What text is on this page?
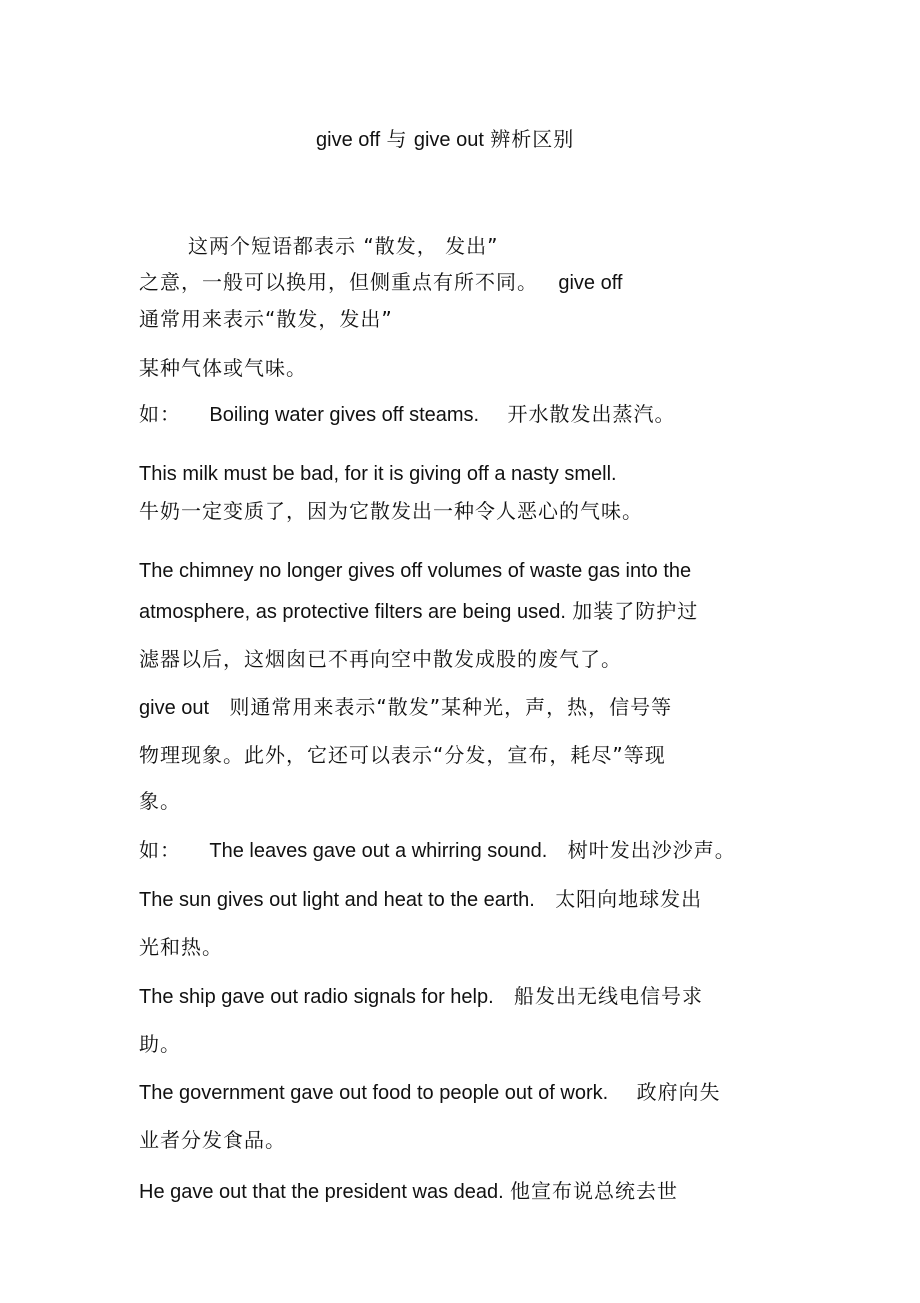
give off 与 give out 辨析区别
这两个短语都表示 “散发， 发出”
之意，一般可以换用，但侧重点有所不同。 give off
通常用来表示“散发，发出”
某种气体或气味。
如： Boiling water gives off steams. 开水散发出蒸汽。
This milk must be bad, for it is giving off a nasty smell.
牛奶一定变质了，因为它散发出一种令人恶心的气味。
The chimney no longer gives off volumes of waste gas into the
atmosphere, as protective filters are being used. 加装了防护过
滤器以后，这烟囱已不再向空中散发成股的废气了。
give out 则通常用来表示“散发”某种光，声，热，信号等
物理现象。此外，它还可以表示“分发，宣布，耗尽”等现
象。
如： The leaves gave out a whirring sound. 树叶发出沙沙声。
The sun gives out light and heat to the earth. 太阳向地球发出
光和热。
The ship gave out radio signals for help. 船发出无线电信号求
助。
The government gave out food to people out of work. 政府向失
业者分发食品。
He gave out that the president was dead. 他宣布说总统去世
